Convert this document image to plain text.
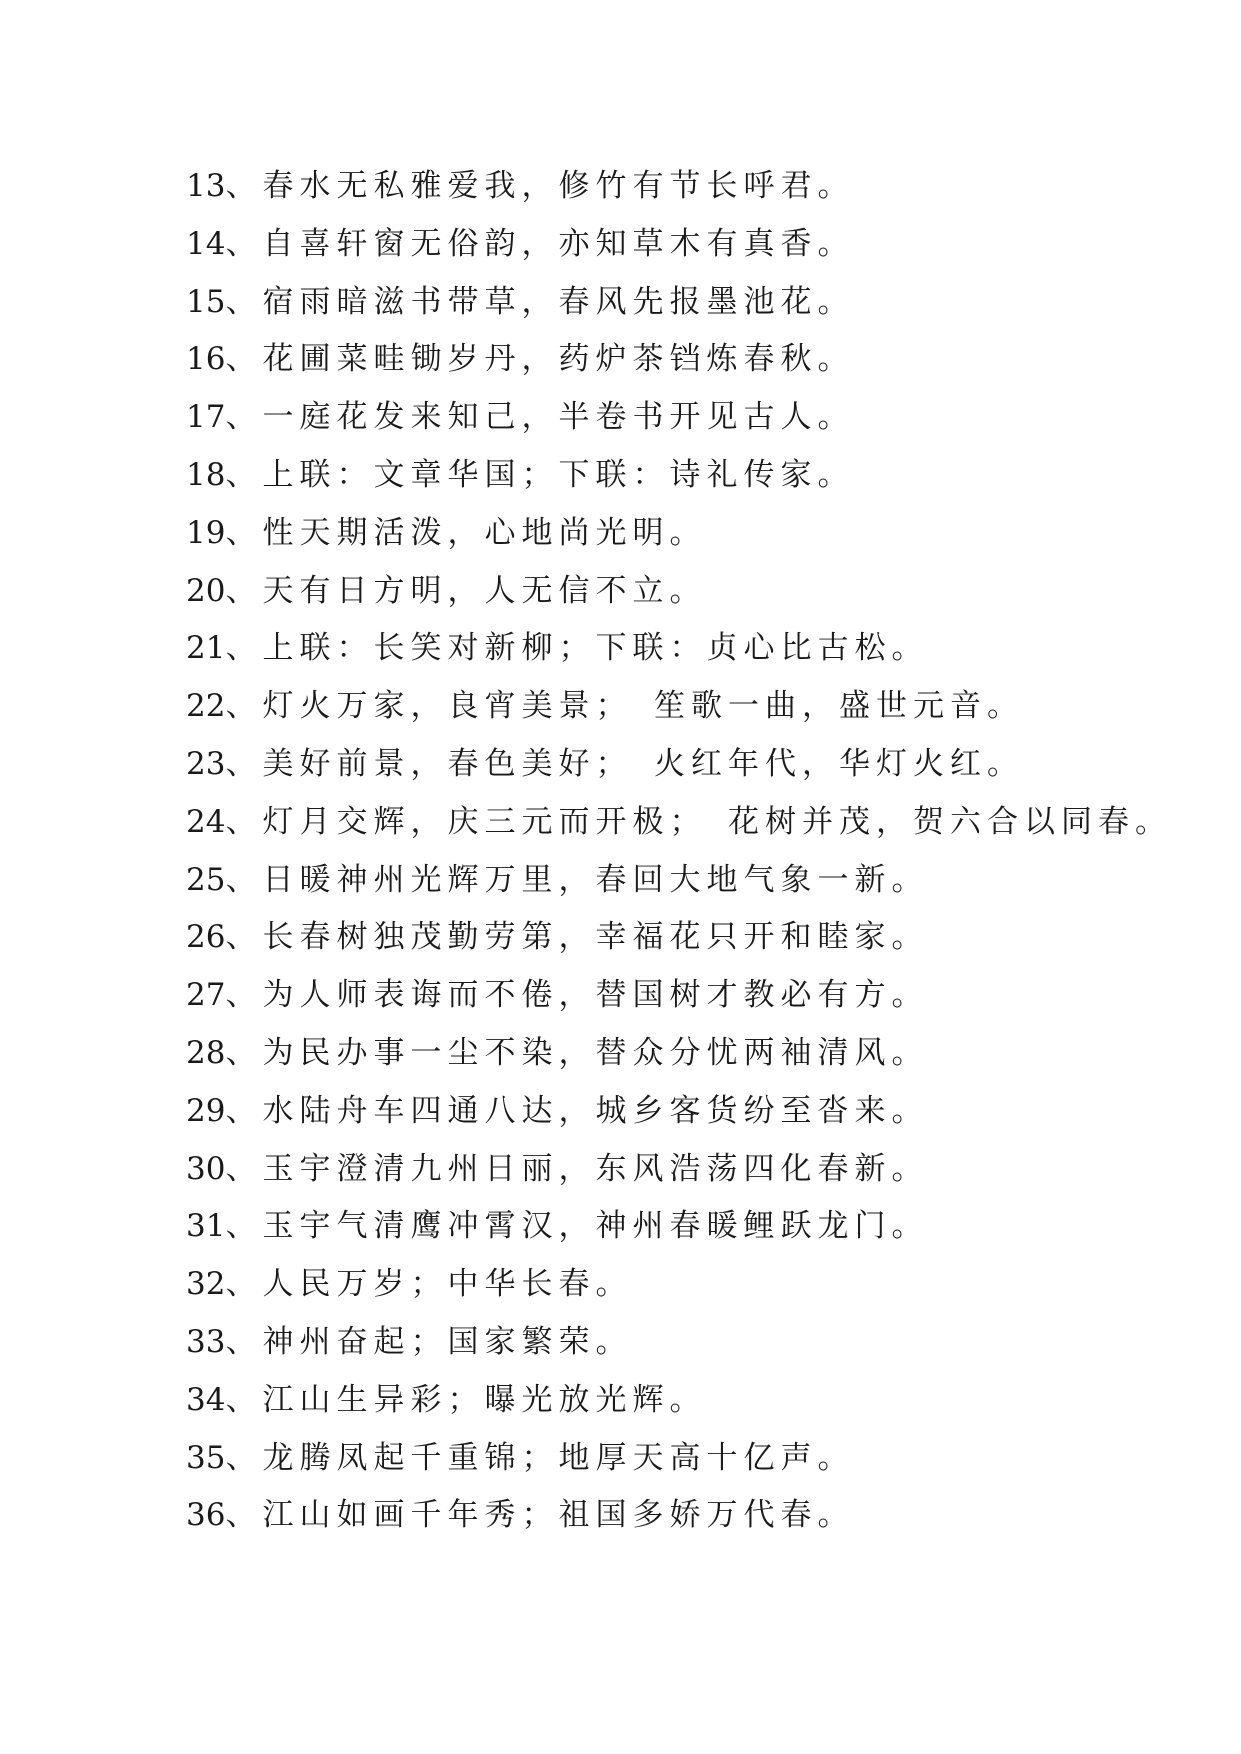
13、春水无私雅爱我，修竹有节长呼君。
14、自喜轩窗无俗韵，亦知草木有真香。
15、宿雨暗滋书带草，春风先报墨池花。
16、花圃菜畦锄岁丹，药炉茶铛炼春秋。
17、一庭花发来知己，半卷书开见古人。
18、上联：文章华国；下联：诗礼传家。
19、性天期活泼，心地尚光明。
20、天有日方明，人无信不立。
21、上联：长笑对新柳；下联：贞心比古松。
22、灯火万家，良宵美景；　笙歌一曲，盛世元音。
23、美好前景，春色美好；　火红年代，华灯火红。
24、灯月交辉，庆三元而开极；　花树并茂，贺六合以同春。
25、日暖神州光辉万里，春回大地气象一新。
26、长春树独茂勤劳第，幸福花只开和睦家。
27、为人师表诲而不倦，替国树才教必有方。
28、为民办事一尘不染，替众分忧两袖清风。
29、水陆舟车四通八达，城乡客货纷至沓来。
30、玉宇澄清九州日丽，东风浩荡四化春新。
31、玉宇气清鹰冲霄汉，神州春暖鲤跃龙门。
32、人民万岁；中华长春。
33、神州奋起；国家繁荣。
34、江山生异彩；曝光放光辉。
35、龙腾凤起千重锦；地厚天高十亿声。
36、江山如画千年秀；祖国多娇万代春。
